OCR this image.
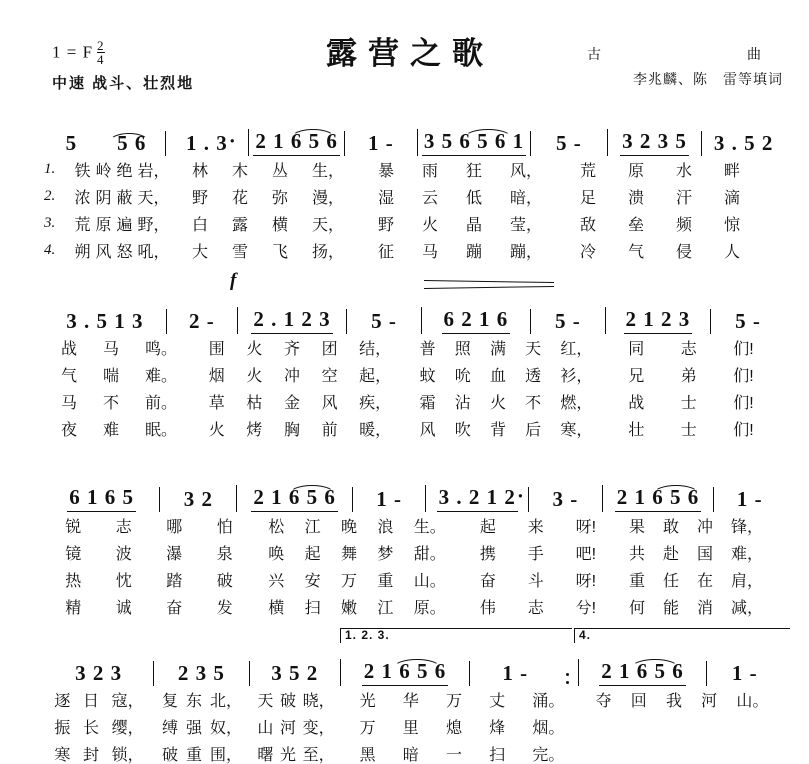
1 = F $\frac{2}{4}$
中速 战斗、壮烈地
露营之歌	古　　　　曲
李兆麟、陈　雷等填词
5 5 6 1 . 3 · 2 1 6 5 6 1 - 3 5 6 5 6 1 5 - 3 2 3 5 3 . 5 2
1.	铁 岭 绝 岩， 林 木 丛 生， 暴 雨 狂 风， 荒 原 水 畔
2.	浓 阴 蔽 天， 野 花 弥 漫， 湿 云 低 暗， 足 溃 汗 滴
3.	荒 原 遍 野， 白 露 横 天， 野 火 晶 莹， 敌 垒 频 惊
4.	朔 风 怒 吼， 大 雪 飞 扬， 征 马 蹦 蹦， 冷 气 侵 人
f
3 . 5 1 3 2 - 2 . 1 2 3 5 - 6 2 1 6 5 - 2 1 2 3 5 -
战 马 鸣。 围 火 齐 团 结， 普 照 满 天 红， 同 志 们!
气 喘 难。 烟 火 冲 空 起， 蚊 吮 血 透 衫， 兄 弟 们!
马 不 前。 草 枯 金 风 疾， 霜 沾 火 不 燃， 战 士 们!
夜 难 眠。 火 烤 胸 前 暖， 风 吹 背 后 寒， 壮 士 们!
6 1 6 5 3 2 2 1 6 5 6 1 - 3 . 2 1 2 · 3 - 2 1 6 5 6 1 -
锐 志 哪 怕 松 江 晚 浪 生。 起 来 呀! 果 敢 冲 锋，
镜 波 瀑 泉 唤 起 舞 梦 甜。 携 手 吧! 共 赴 国 难，
热 忱 踏 破 兴 安 万 重 山。 奋 斗 呀! 重 任 在 肩，
精 诚 奋 发 横 扫 嫩 江 原。 伟 志 兮! 何 能 消 减，
1. 2. 3.	4.
3 2 3	2 3 5 3 5 2 2 1 6 5 6	1 -	2 1 6 5 6 1 -
逐 日 寇， 复 东 北， 天 破 晓， 光 华 万 丈 涌。 夺 回 我 河 山。
振 长 缨， 缚 强 奴， 山 河 变， 万 里 熄 烽 烟。
寒 封 锁， 破 重 围， 曙 光 至， 黑 暗 一 扫 完。
